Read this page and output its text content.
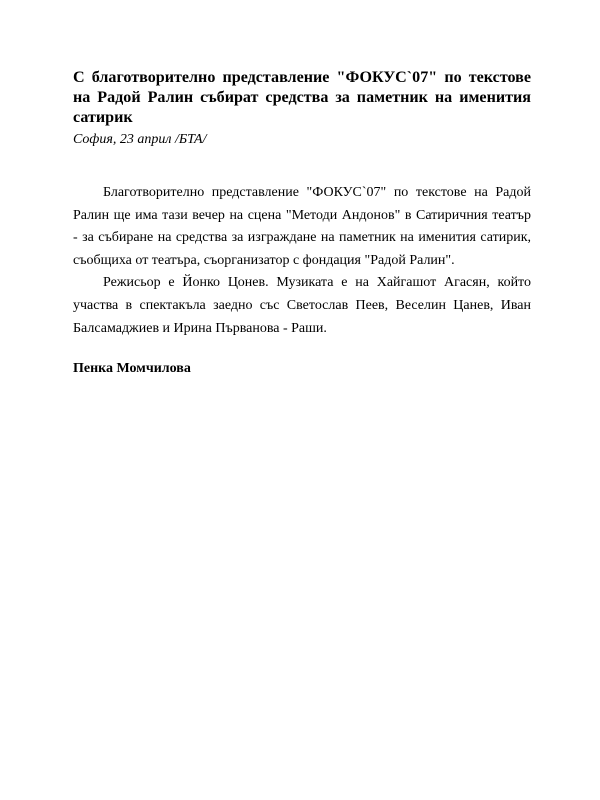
С благотворително представление "ФОКУС`07" по текстове
на Радой Ралин събират средства за паметник на именития
сатирик

София, 23 април /БТА/

Благотворително представление "ФОКУС`07" по текстове на Радой
Ралин ще има тази вечер на сцена "Методи Андонов" в Сатиричния театър
- за събиране на средства за изграждане на паметник на именития сатирик,
съобщиха от театъра, съорганизатор с фондация "Радой Ралин".

Режисьор е Йонко Цонев. Музиката е на Хайгашот Агасян, който
участва в спектакъла заедно със Светослав Пеев, Веселин Цанев, Иван
Балсамаджиев и Ирина Първанова - Раши.

Пенка Момчилова
